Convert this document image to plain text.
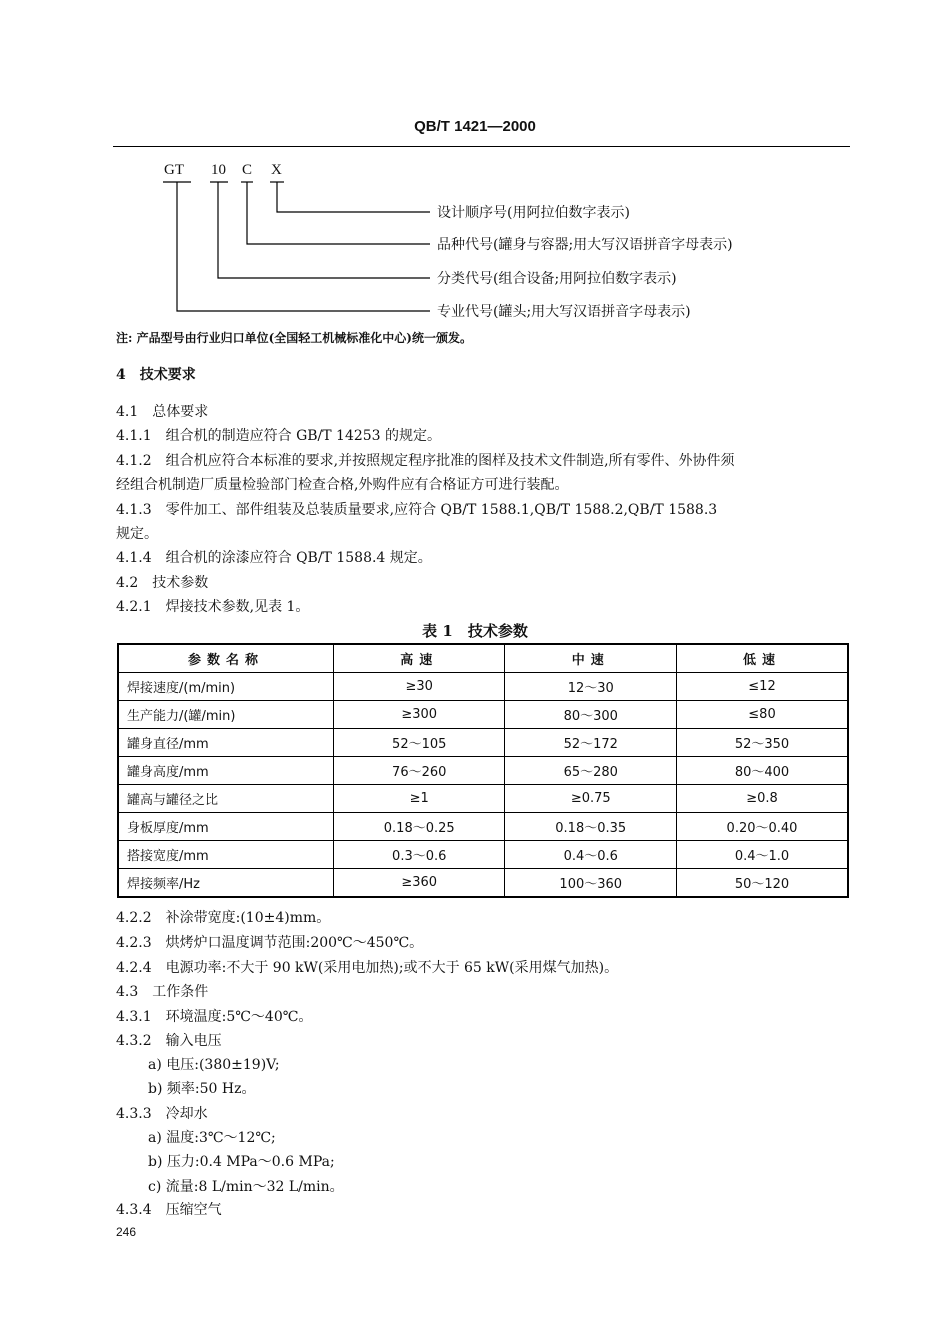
QB/T 1421—2000
GT 10 C X
设计顺序号(用阿拉伯数字表示)
品种代号(罐身与容器;用大写汉语拼音字母表示)
分类代号(组合设备;用阿拉伯数字表示)
专业代号(罐头;用大写汉语拼音字母表示)
注: 产品型号由行业归口单位(全国轻工机械标准化中心)统一颁发。
4　技术要求
4.1　总体要求
4.1.1　组合机的制造应符合 GB/T 14253 的规定。
4.1.2　组合机应符合本标准的要求,并按照规定程序批准的图样及技术文件制造,所有零件、外协件须
经组合机制造厂质量检验部门检查合格,外购件应有合格证方可进行装配。
4.1.3　零件加工、部件组装及总装质量要求,应符合 QB/T 1588.1,QB/T 1588.2,QB/T 1588.3
规定。
4.1.4　组合机的涂漆应符合 QB/T 1588.4 规定。
4.2　技术参数
4.2.1　焊接技术参数,见表 1。
表 1　技术参数
参数名称	高速	中速	低速
焊接速度/(m/min)	≥30	12～30	≤12
生产能力/(罐/min)	≥300	80～300	≤80
罐身直径/mm	52～105	52～172	52～350
罐身高度/mm	76～260	65～280	80～400
罐高与罐径之比	≥1	≥0.75	≥0.8
身板厚度/mm	0.18～0.25	0.18～0.35	0.20～0.40
搭接宽度/mm	0.3～0.6	0.4～0.6	0.4～1.0
焊接频率/Hz	≥360	100～360	50～120
4.2.2　补涂带宽度:(10±4)mm。
4.2.3　烘烤炉口温度调节范围:200℃～450℃。
4.2.4　电源功率:不大于 90 kW(采用电加热);或不大于 65 kW(采用煤气加热)。
4.3　工作条件
4.3.1　环境温度:5℃～40℃。
4.3.2　输入电压
a) 电压:(380±19)V;
b) 频率:50 Hz。
4.3.3　冷却水
a) 温度:3℃～12℃;
b) 压力:0.4 MPa～0.6 MPa;
c) 流量:8 L/min～32 L/min。
4.3.4　压缩空气
246
